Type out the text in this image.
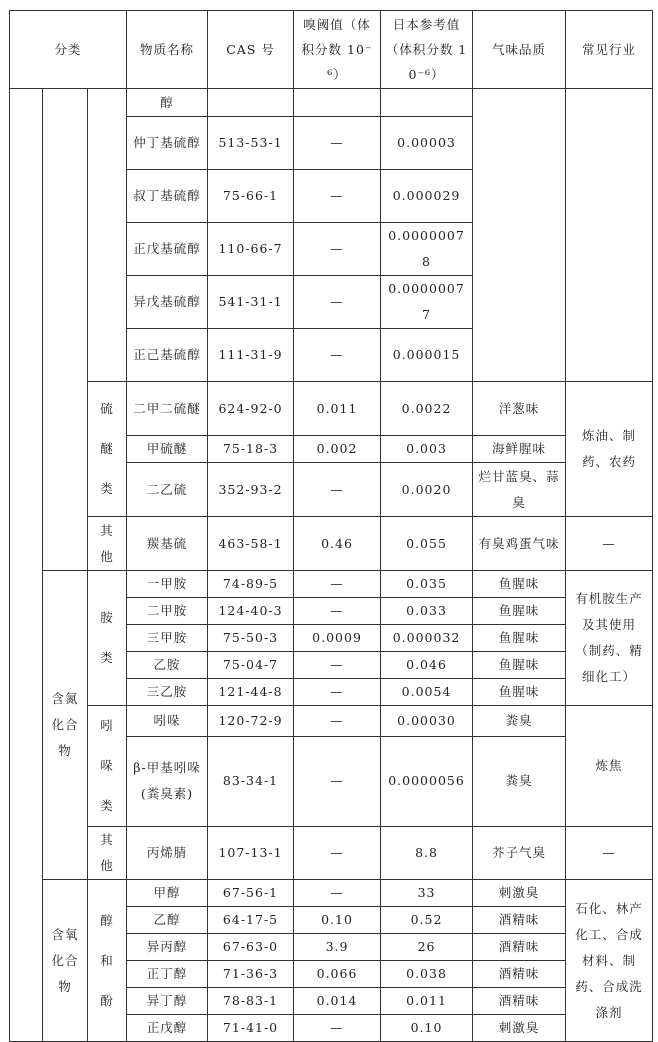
分类			物质名称	CAS 号	嗅阈值（体积分数 10⁻⁶）	日本参考值（体积分数 10⁻⁶）	气味品质	常见行业
			醇					
			仲丁基硫醇	513-53-1	—	0.00003		
			叔丁基硫醇	75-66-1	—	0.000029		
			正戊基硫醇	110-66-7	—	0.00000078		
			异戊基硫醇	541-31-1	—	0.00000077		
			正己基硫醇	111-31-9	—	0.000015		
		硫醚类	二甲二硫醚	624-92-0	0.011	0.0022	洋葱味	炼油、制药、农药
			甲硫醚	75-18-3	0.002	0.003	海鲜腥味	
			二乙硫	352-93-2	—	0.0020	烂甘蓝臭、蒜臭	
		其他	羰基硫	463-58-1	0.46	0.055	有臭鸡蛋气味	—
	含氮化合物	胺类	一甲胺	74-89-5	—	0.035	鱼腥味	有机胺生产及其使用（制药、精细化工）
			二甲胺	124-40-3	—	0.033	鱼腥味	
			三甲胺	75-50-3	0.0009	0.000032	鱼腥味	
			乙胺	75-04-7	—	0.046	鱼腥味	
			三乙胺	121-44-8	—	0.0054	鱼腥味	
		吲哚类	吲哚	120-72-9	—	0.00030	粪臭	炼焦
			β-甲基吲哚(粪臭素)	83-34-1	—	0.0000056	粪臭	
		其他	丙烯腈	107-13-1	—	8.8	芥子气臭	—
	含氧化合物	醇和酚	甲醇	67-56-1	—	33	刺激臭	石化、林产化工、合成材料、制药、合成洗涤剂
			乙醇	64-17-5	0.10	0.52	酒精味	
			异丙醇	67-63-0	3.9	26	酒精味	
			正丁醇	71-36-3	0.066	0.038	酒精味	
			异丁醇	78-83-1	0.014	0.011	酒精味	
			正戊醇	71-41-0	—	0.10	刺激臭	
